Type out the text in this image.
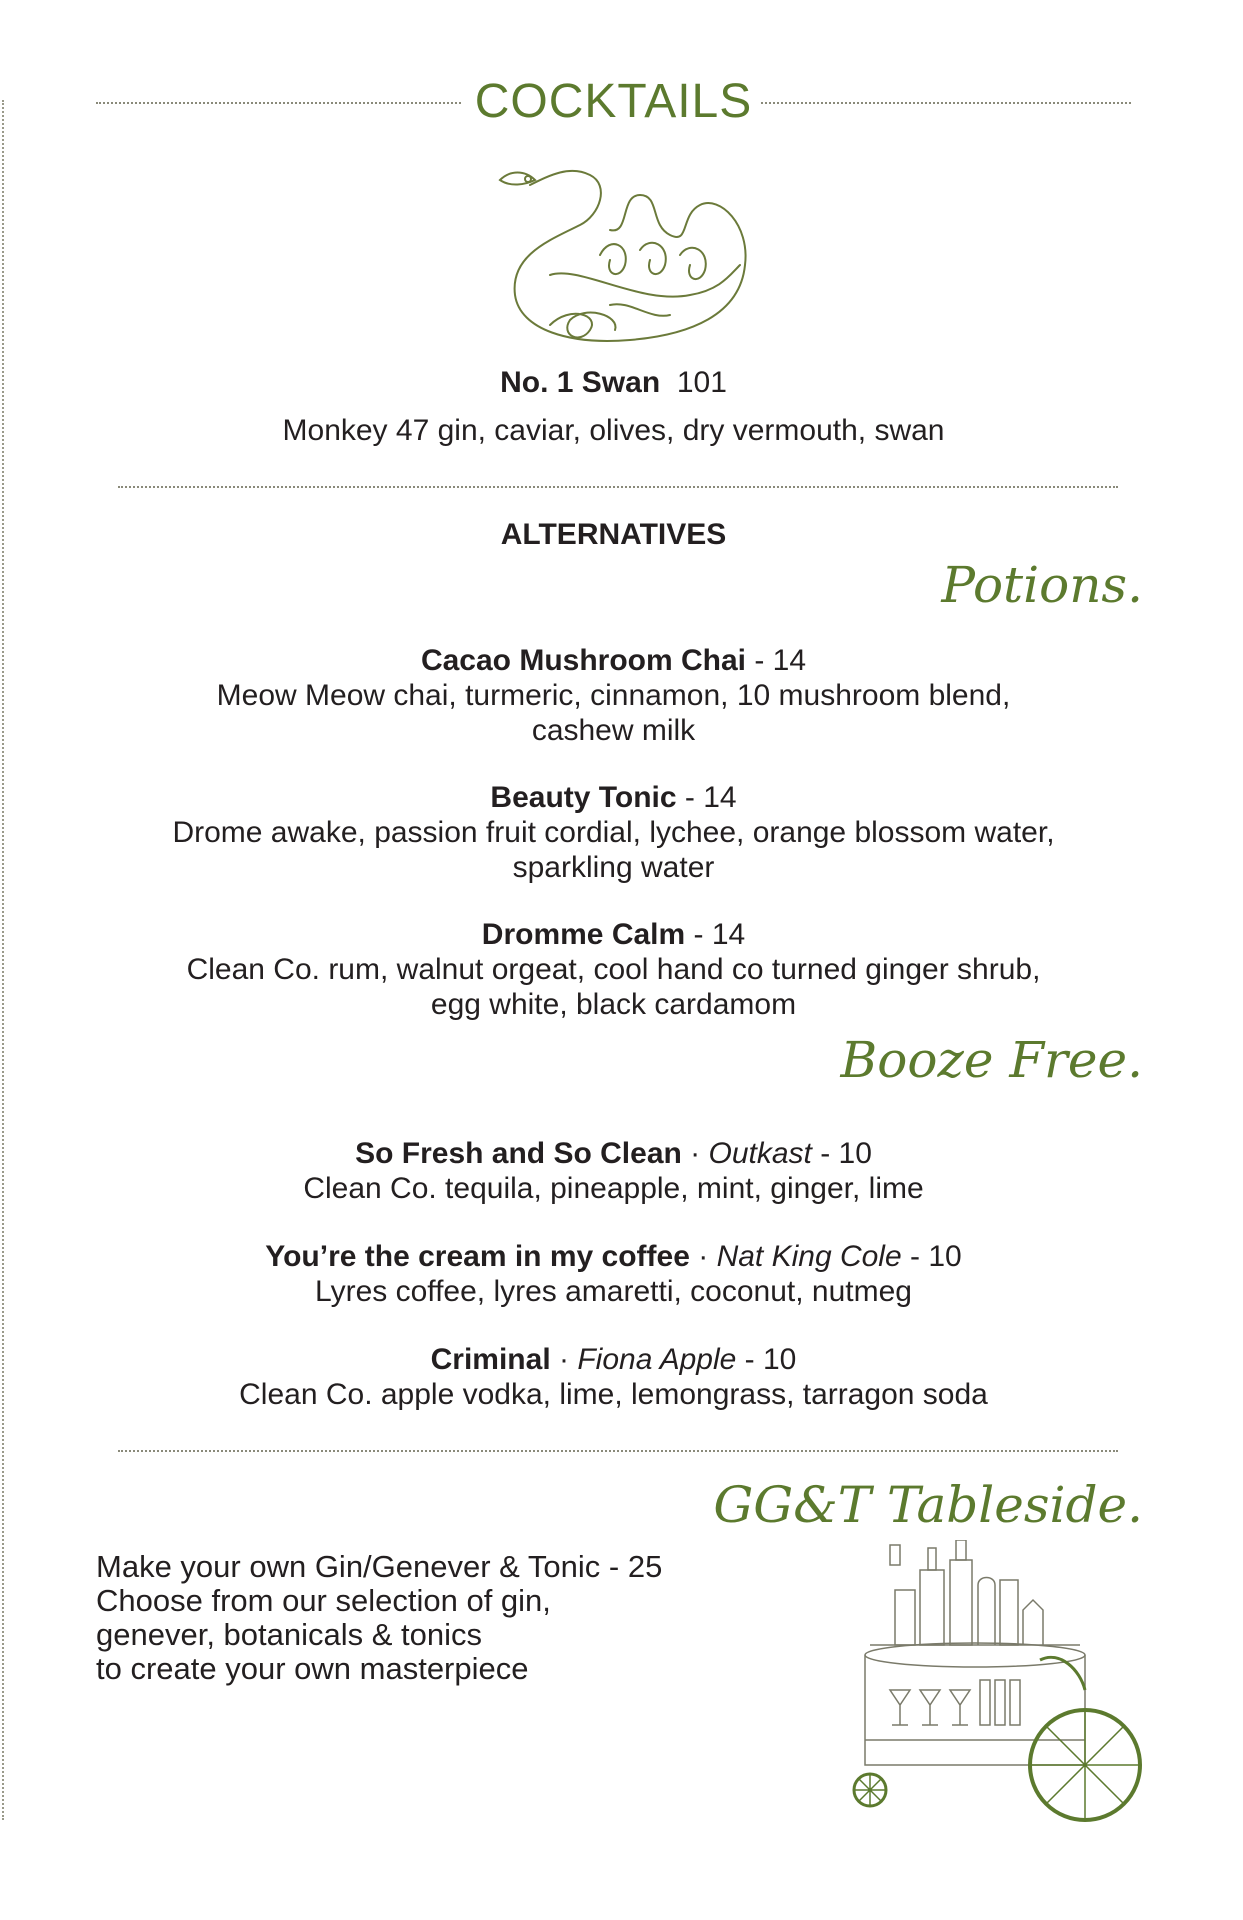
COCKTAILS
No. 1 Swan 101
Monkey 47 gin, caviar, olives, dry vermouth, swan
ALTERNATIVES
Potions.
Cacao Mushroom Chai - 14
Meow Meow chai, turmeric, cinnamon, 10 mushroom blend,
cashew milk
Beauty Tonic - 14
Drome awake, passion fruit cordial, lychee, orange blossom water,
sparkling water
Dromme Calm - 14
Clean Co. rum, walnut orgeat, cool hand co turned ginger shrub,
egg white, black cardamom
Booze Free.
So Fresh and So Clean · Outkast - 10
Clean Co. tequila, pineapple, mint, ginger, lime
You’re the cream in my coffee · Nat King Cole - 10
Lyres coffee, lyres amaretti, coconut, nutmeg
Criminal · Fiona Apple - 10
Clean Co. apple vodka, lime, lemongrass, tarragon soda
GG&T Tableside.
Make your own Gin/Genever & Tonic - 25
Choose from our selection of gin,
genever, botanicals & tonics
to create your own masterpiece
